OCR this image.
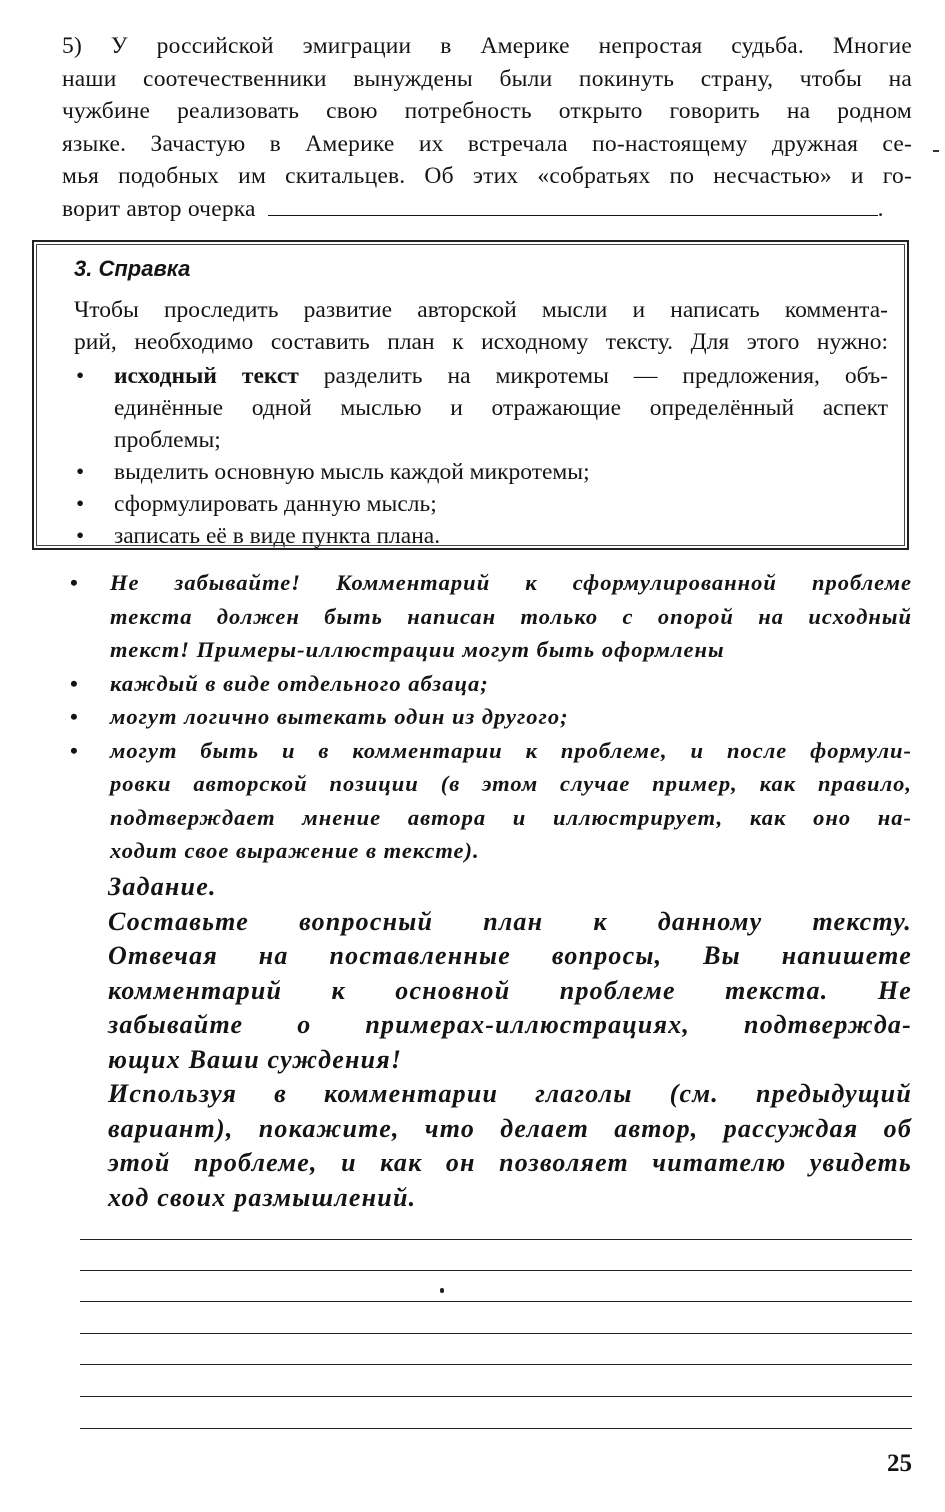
5) У российской эмиграции в Америке непростая судьба. Многие
наши соотечественники вынуждены были покинуть страну, чтобы на
чужбине реализовать свою потребность открыто говорить на родном
языке. Зачастую в Америке их встречала по-настоящему дружная се-
мья подобных им скитальцев. Об этих «собратьях по несчастью» и го-
ворит автор очерка	.
3. Справка
Чтобы проследить развитие авторской мысли и написать коммента-
рий, необходимо составить план к исходному тексту. Для этого нужно:
• исходный текст разделить на микротемы — предложения, объ-
единённые одной мыслью и отражающие определённый аспект
проблемы;
• выделить основную мысль каждой микротемы;
• сформулировать данную мысль;
• записать её в виде пункта плана.
• Не забывайте! Комментарий к сформулированной проблеме
текста должен быть написан только с опорой на исходный
текст! Примеры-иллюстрации могут быть оформлены
• каждый в виде отдельного абзаца;
• могут логично вытекать один из другого;
• могут быть и в комментарии к проблеме, и после формули-
ровки авторской позиции (в этом случае пример, как правило,
подтверждает мнение автора и иллюстрирует, как оно на-
ходит свое выражение в тексте).
Задание.
Составьте вопросный план к данному тексту.
Отвечая на поставленные вопросы, Вы напишете
комментарий к основной проблеме текста. Не
забывайте о примерах-иллюстрациях, подтвержда-
ющих Ваши суждения!
Используя в комментарии глаголы (см. предыдущий
вариант), покажите, что делает автор, рассуждая об
этой проблеме, и как он позволяет читателю увидеть
ход своих размышлений.
25
